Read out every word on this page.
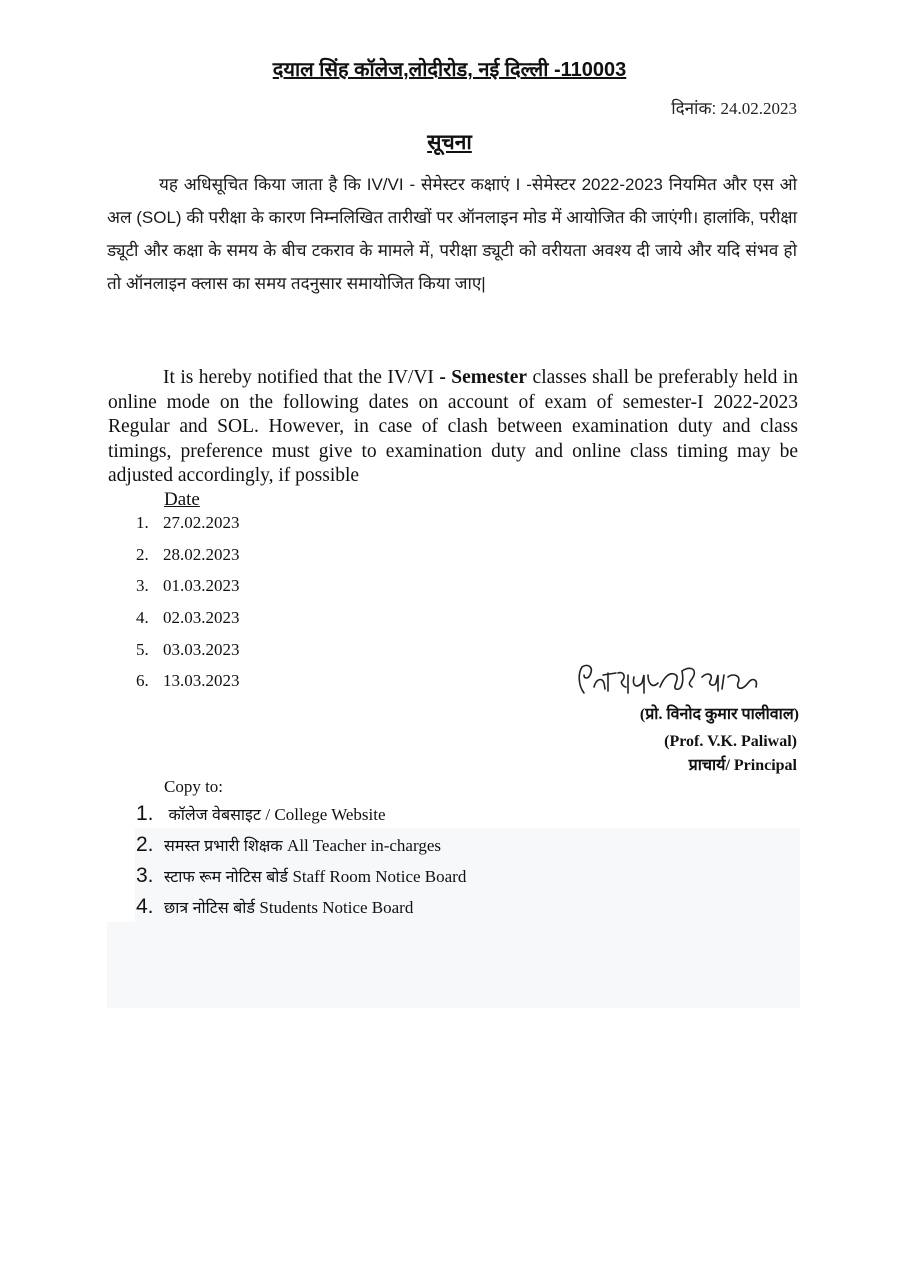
दयाल सिंह कॉलेज,लोदीरोड, नई दिल्ली -110003
दिनांक: 24.02.2023
सूचना
यह अधिसूचित किया जाता है कि IV/VI - सेमेस्टर कक्षाएं I -सेमेस्टर 2022-2023 नियमित और एस ओ अल (SOL) की परीक्षा के कारण निम्नलिखित तारीखों पर ऑनलाइन मोड में आयोजित की जाएंगी। हालांकि, परीक्षा ड्यूटी और कक्षा के समय के बीच टकराव के मामले में, परीक्षा ड्यूटी को वरीयता अवश्य दी जाये और यदि संभव हो तो ऑनलाइन क्लास का समय तदनुसार समायोजित किया जाए|
It is hereby notified that the IV/VI - Semester classes shall be preferably held in online mode on the following dates on account of exam of semester-I 2022-2023 Regular and SOL. However, in case of clash between examination duty and class timings, preference must give to examination duty and online class timing may be adjusted accordingly, if possible
Date
1. 27.02.2023
2. 28.02.2023
3. 01.03.2023
4. 02.03.2023
5. 03.03.2023
6. 13.03.2023
(प्रो. विनोद कुमार पालीवाल)
(Prof. V.K. Paliwal)
प्राचार्य/ Principal
Copy to:
1. कॉलेज वेबसाइट / College Website
2. समस्त प्रभारी शिक्षक All Teacher in-charges
3. स्टाफ रूम नोटिस बोर्ड Staff Room Notice Board
4. छात्र नोटिस बोर्ड Students Notice Board
